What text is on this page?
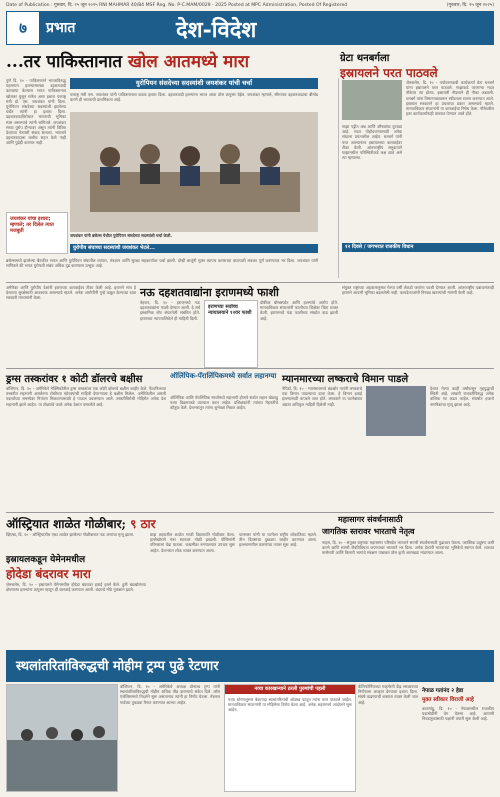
Date of Publication : गुरुवार, दि. २५ जून २०२५ RNI MAHMAR 40/84 MSF Reg. No. P-C.MAM/0029 - 2025 Posted at MPC Administration, Posted Of Registered	(गुरुवार, दि. २५ जून २०२५)
७	प्रभात	देश-विदेश
...तर पाकिस्तानात खोल आतमध्ये मारा	ग्रेटा थनबर्गला
इस्रायलने परत पाठवले
युरोपियन संसदेच्या सदस्यांशी जयशंकर यांची चर्चा
पुणे दि. १० - पाकिस्तानने भारताविरुद्ध पहलगाम हल्ल्यासारखा दहशतवादी कारवाया केल्यास भारत पाकिस्तानात खोलवर घुसून मारेल असा इशारा परराष्ट्र मंत्री डॉ. एस. जयशंकर यांनी दिला. युरोपियन संसदेच्या सदस्यांशी झालेल्या चर्चेत त्यांनी हा इशारा दिला. दहशतवादाविरोधात भारताची भूमिका स्पष्ट असल्याचे त्यांनी सांगितले. जयशंकर सध्या युरोप दौऱ्यावर असून त्यांनी विविध देशांच्या नेत्यांशी संवाद साधला. भारताने दहशतवादाला कधीच सहन केले नाही आणि पुढेही करणार नाही.
परराष्ट्र मंत्री एस. जयशंकर यांनी पाकिस्तानला कडक इशारा दिला. दहशतवादी हल्ल्यांना भारत आता ठोस प्रत्युत्तर देईल. जयशंकर म्हणाले, सीमापार दहशतवादाचा बीमोड करणे ही भारताची प्राथमिकता आहे.
जयशंकर यांचा इशारा; म्हणाले; तर दिलेल त्यात मजबुती
जयशंकर यांनी ब्रसेल्स येथील युरोपियन संसदेच्या सदस्यांशी चर्चा केली.
युरोपीय संघाच्या सदस्यांशी जयशंकर भेटले...
ब्रसेल्समध्ये झालेल्या बैठकीत भारत आणि युरोपियन संघातील व्यापार, तंत्रज्ञान आणि सुरक्षा सहकार्यावर चर्चा झाली. दोन्ही बाजूंनी मुक्त व्यापार कराराच्या वाटाघाटी लवकर पूर्ण करण्यावर भर दिला. जयशंकर यांनी सांगितले की भारत युरोपशी संबंध अधिक दृढ करण्यास उत्सुक आहे.
जेरुसलेम, दि. १० - पर्यावरणवादी कार्यकर्त्या ग्रेटा थनबर्ग यांना इस्रायलने परत पाठवले. गाझाकडे जाणाऱ्या मदत नौकेवर त्या होत्या. इस्रायली नौदलाने ही नौका अडवली. थनबर्ग यांना विमानतळावरून स्वीडनला रवाना करण्यात आले. इस्रायल सरकारने हा प्रचाराचा प्रकार असल्याचे म्हटले. मानवाधिकार संघटनांनी या कारवाईचा निषेध केला. नौकेवरील इतर कार्यकर्त्यांनाही ताब्यात घेण्यात आले होते.
गाझा पट्टीत अन्न आणि औषधांचा तुटवडा आहे. मदत पोहोचवण्यासाठी अनेक संघटना प्रयत्नशील आहेत. थनबर्ग यांनी परत आल्यानंतर इस्रायलच्या कारवाईवर टीका केली. आंतरराष्ट्रीय समुदायाने गाझामधील परिस्थितीकडे लक्ष द्यावे असे त्या म्हणाल्या.
१२ दिवसे / जगभरात राजकीय विधान
नऊ दहशतवाद्यांना इराणमध्ये फाशी
तेहरान, दि. १० - इराणमध्ये नऊ दहशतवाद्यांना फाशी देण्यात आली. हे सर्व इस्लामिक स्टेट संघटनेशी संबंधित होते. इराणच्या न्यायपालिकेने ही माहिती दिली.
इराणच्या सर्वोच्च न्यायालयाने १२वर फाशी
दोषींवर बॉम्बस्फोट आणि हल्ल्यांचे आरोप होते. मानवाधिकार संघटनांनी फाशीच्या शिक्षेवर चिंता व्यक्त केली. इराणमध्ये यंदा फाशीच्या संख्येत वाढ झाली आहे.
संयुक्त राष्ट्रांच्या अहवालानुसार गेल्या वर्षी शेकडो जणांना फाशी देण्यात आली. आंतरराष्ट्रीय दबावानंतरही इराणने आपली भूमिका बदललेली नाही. कायदेतज्ज्ञांनी निष्पक्ष खटल्यांची मागणी केली आहे.
अमेरिका आणि युरोपीय देशांनी इराणच्या कारवाईवर टीका केली आहे. इराणने मात्र हे देशाच्या सुरक्षेसाठी आवश्यक असल्याचे म्हटले. अनेक आरोपींनी गुन्हे कबूल केल्याचा दावा सरकारी माध्यमांनी केला.
ड्रग्स तस्करांवर १ कोटी डॉलरचे बक्षीस	ऑलिंपिक-पॅरालिंपिकमध्ये सर्वात लहानग्या म्यानमारच्या लष्कराचे विमान पाडले
वॉशिंग्टन, दि. १० - अमेरिकेने मेक्सिकोतील ड्रग्स तस्करांवर एक कोटी डॉलरचे बक्षीस जाहीर केले. फेंटानिलच्या तस्करीत सहभागी असलेल्या टोळीच्या म्होरक्यांची माहिती देणाऱ्याला हे बक्षीस मिळेल. अमेरिकेतील अमली पदार्थांच्या समस्येवर नियंत्रण मिळवण्यासाठी हे पाऊल उचलण्यात आले. तस्करीविरोधी मोहिमेत अनेक देश सहभागी झाले आहेत. या टोळ्यांचे जाळे अनेक देशांत पसरलेले आहे.
ऑलिंपिक आणि पॅरालिंपिक स्पर्धांमध्ये सहभागी होणारे सर्वात लहान खेळाडू नव्या विक्रमाकडे वाटचाल करत आहेत. प्रशिक्षकांनी त्यांच्या मेहनतीचे कौतुक केले. देशभरातून त्यांना शुभेच्छा मिळत आहेत.
नेपिडॉ, दि. १० - म्यानमारमध्ये बंडखोर गटांनी लष्कराचे एक विमान पाडल्याचा दावा केला. हे विमान हवाई हल्ल्यासाठी वापरले जात होते. लष्कराने या घटनेबाबत अद्याप अधिकृत माहिती दिलेली नाही.
देशात गेल्या काही वर्षांपासून गृहयुद्धाची स्थिती आहे. लष्करी राजवटीविरुद्ध अनेक वांशिक गट लढत आहेत. संघर्षात हजारो नागरिकांचा मृत्यू झाला आहे.
ऑस्ट्रियात शाळेत गोळीबार; ९ ठार	महासागर संवर्धनासाठी
जागतिक स्तरावर भारताचे नेतृत्व
इस्रायलकडून येमेनमधील
होदेडा बंदरावर मारा
व्हिएन्ना, दि. १० - ऑस्ट्रियातील एका शाळेत झालेल्या गोळीबारात नऊ जणांचा मृत्यू झाला.
जेरुसलेम, दि. १० - इस्रायलने येमेनमधील होदेडा बंदरावर हवाई हल्ले केले. हुती बंडखोरांच्या क्षेपणास्त्र हल्ल्यांना प्रत्युत्तर म्हणून ही कारवाई करण्यात आली. बंदराचे मोठे नुकसान झाले.
ग्राझ शहरातील शाळेत माजी विद्यार्थ्याने गोळीबार केला. हल्लेखोराने नंतर स्वतःवर गोळी झाडली. पोलिसांनी परिसराला वेढा घातला. जखमींवर रुग्णालयात उपचार सुरू आहेत. देशभरात शोक व्यक्त करण्यात आला.
चान्सलर यांनी या घटनेला राष्ट्रीय शोकांतिका म्हटले. तीन दिवसांचा दुखवटा जाहीर करण्यात आला. हल्ल्यामागील कारणांचा तपास सुरू आहे.	नाइस, दि. १० - संयुक्त राष्ट्रांच्या महासागर परिषदेत भारताने सागरी संवर्धनासाठी पुढाकार घेतला. प्लास्टिक प्रदूषण कमी करणे आणि सागरी जैवविविधता जपण्यावर भारताने भर दिला. अनेक देशांनी भारताच्या भूमिकेचे स्वागत केले. शाश्वत मासेमारी आणि किनारी भागांचे संरक्षण याबाबत ठोस कृती आराखडा मांडण्यात आला.
स्थलांतरितांविरुद्धची मोहीम ट्रम्प पुढे रेटणार
वॉशिंग्टन, दि. १० - अमेरिकेचे अध्यक्ष डोनाल्ड ट्रम्प यांनी स्थलांतरितांविरुद्धची मोहीम अधिक तीव्र करण्याचे संकेत दिले. लॉस एंजेलिसमध्ये निदर्शने सुरू असतानाच त्यांनी हा निर्णय घेतला. नॅशनल गार्डच्या तुकड्या तैनात करण्यात आल्या आहेत.
नव्या कारखान्याने ठरली पुरुषांची पहली
नव्या धोरणानुसार बेकायदा स्थलांतरितांची ओळख पटवून त्यांना परत पाठवले जाईल. मानवाधिकार संघटनांनी या मोहिमेला विरोध केला आहे. अनेक शहरांमध्ये आंदोलने सुरू आहेत.
कॅलिफोर्नियाच्या गव्हर्नरनी केंद्र सरकारच्या निर्णयाला आव्हान देण्याचा इशारा दिला. संघर्ष वाढण्याची शक्यता व्यक्त केली जात आहे.
नेपाळ गतांनंद २ हेडा
मुक्त स्वीकार विराजी आहे
काठमांडू, दि. १० - नेपाळमधील राजकीय घडामोडींनी वेग घेतला आहे. आगामी निवडणुकांसाठी पक्षांनी तयारी सुरू केली आहे.
